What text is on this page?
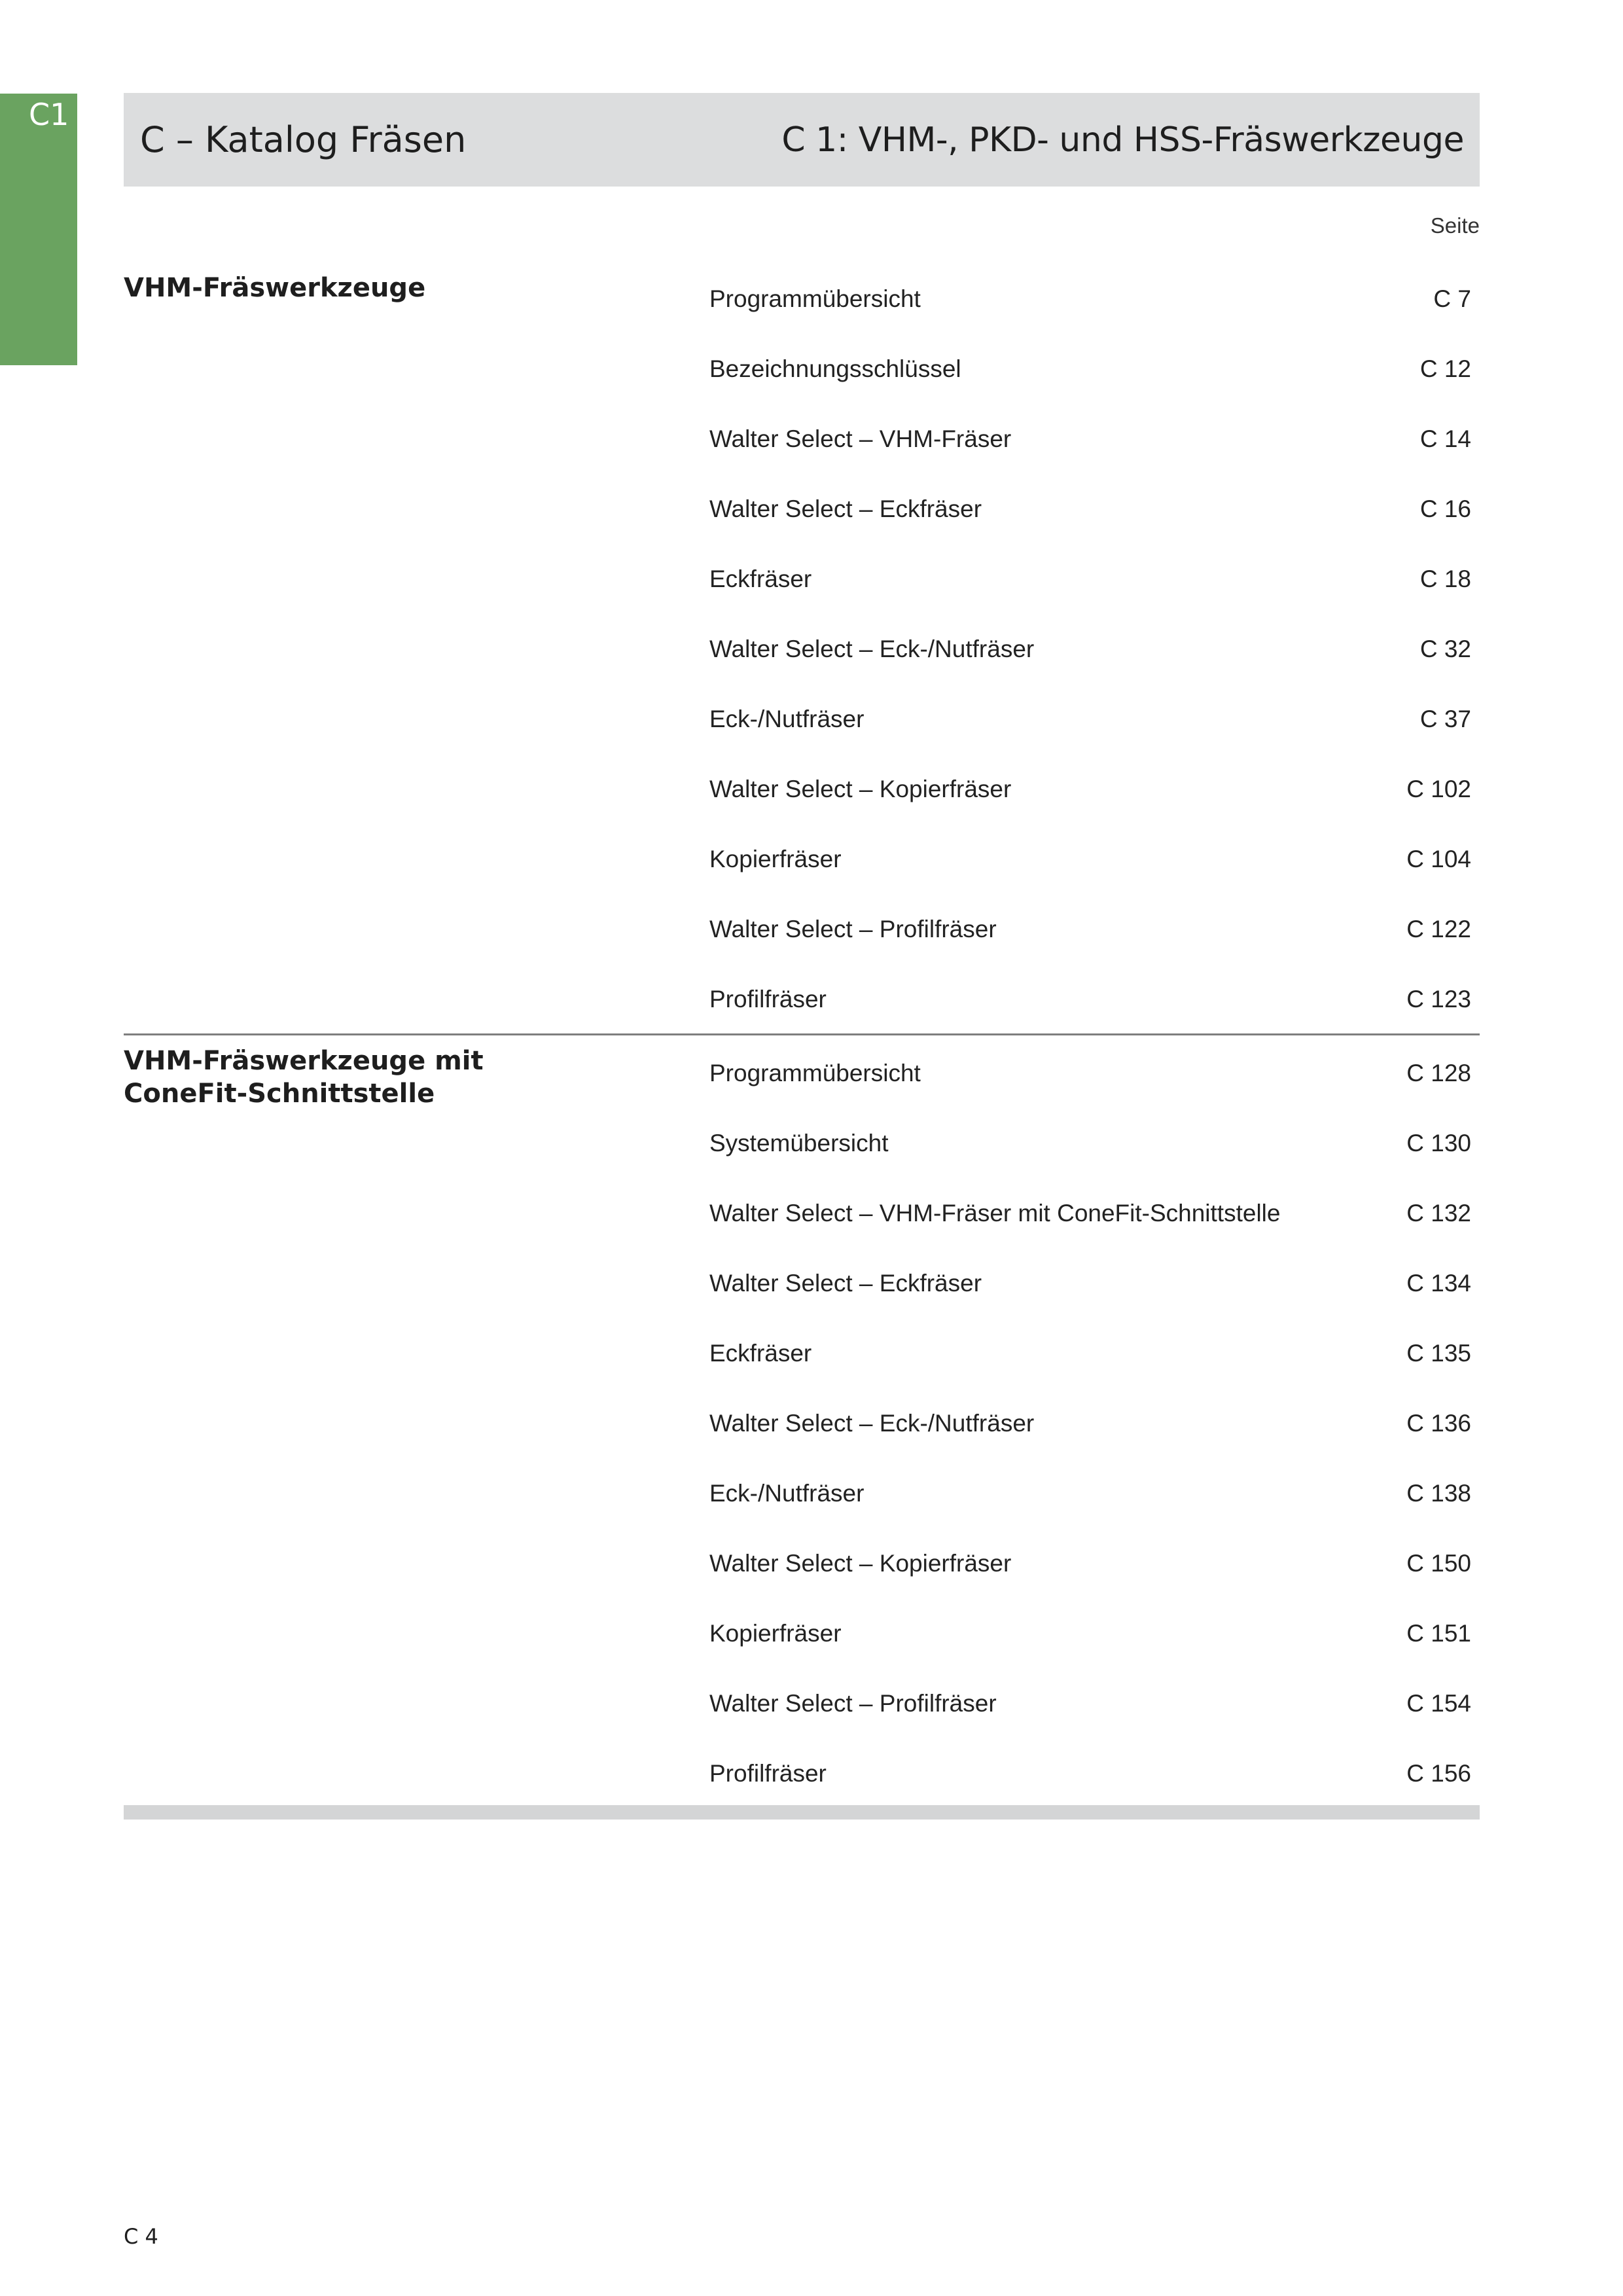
C1
C – Katalog Fräsen	C 1: VHM-, PKD- und HSS-Fräswerkzeuge
Seite
VHM-Fräswerkzeuge	Programmübersicht	C 7
Bezeichnungsschlüssel	C 12
Walter Select – VHM-Fräser	C 14
Walter Select – Eckfräser	C 16
Eckfräser	C 18
Walter Select – Eck-/Nutfräser	C 32
Eck-/Nutfräser	C 37
Walter Select – Kopierfräser	C 102
Kopierfräser	C 104
Walter Select – Profilfräser	C 122
Profilfräser	C 123
VHM-Fräswerkzeuge mit ConeFit-Schnittstelle
Programmübersicht	C 128
Systemübersicht	C 130
Walter Select – VHM-Fräser mit ConeFit-Schnittstelle	C 132
Walter Select – Eckfräser	C 134
Eckfräser	C 135
Walter Select – Eck-/Nutfräser	C 136
Eck-/Nutfräser	C 138
Walter Select – Kopierfräser	C 150
Kopierfräser	C 151
Walter Select – Profilfräser	C 154
Profilfräser	C 156
C 4
